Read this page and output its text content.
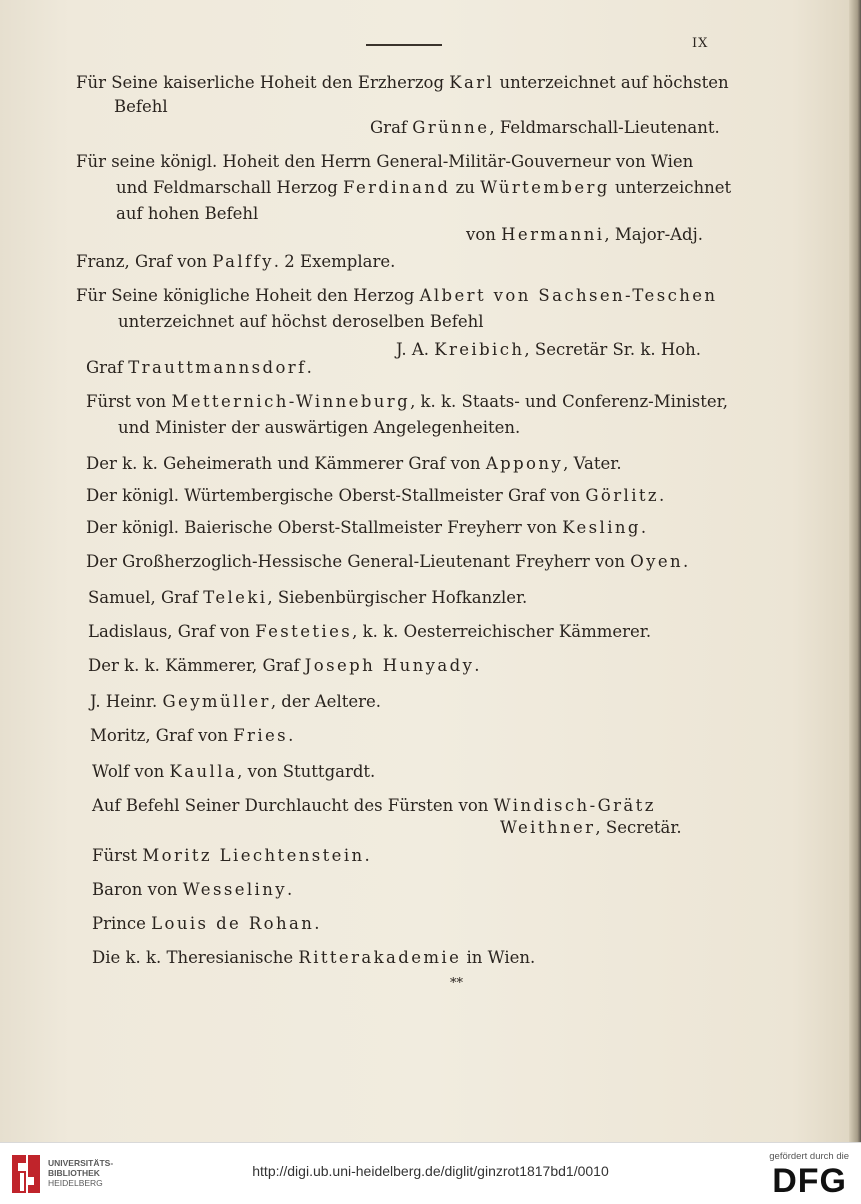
IX
Für Seine kaiserliche Hoheit den Erzherzog Karl unterzeichnet auf höchsten
Befehl
Graf Grünne, Feldmarschall-Lieutenant.
Für seine königl. Hoheit den Herrn General-Militär-Gouverneur von Wien
und Feldmarschall Herzog Ferdinand zu Würtemberg unterzeichnet
auf hohen Befehl
von Hermanni, Major-Adj.
Franz, Graf von Palffy. 2 Exemplare.
Für Seine königliche Hoheit den Herzog Albert von Sachsen-Teschen
unterzeichnet auf höchst deroselben Befehl
J. A. Kreibich, Secretär Sr. k. Hoh.
Graf Trauttmannsdorf.
Fürst von Metternich-Winneburg, k. k. Staats- und Conferenz-Minister,
und Minister der auswärtigen Angelegenheiten.
Der k. k. Geheimerath und Kämmerer Graf von Appony, Vater.
Der königl. Würtembergische Oberst-Stallmeister Graf von Görlitz.
Der königl. Baierische Oberst-Stallmeister Freyherr von Kesling.
Der Großherzoglich-Hessische General-Lieutenant Freyherr von Oyen.
Samuel, Graf Teleki, Siebenbürgischer Hofkanzler.
Ladislaus, Graf von Festeties, k. k. Oesterreichischer Kämmerer.
Der k. k. Kämmerer, Graf Joseph Hunyady.
J. Heinr. Geymüller, der Aeltere.
Moritz, Graf von Fries.
Wolf von Kaulla, von Stuttgardt.
Auf Befehl Seiner Durchlaucht des Fürsten von Windisch-Grätz
Weithner, Secretär.
Fürst Moritz Liechtenstein.
Baron von Wesseliny.
Prince Louis de Rohan.
Die k. k. Theresianische Ritterakademie in Wien.
**
UNIVERSITÄTS-
BIBLIOTHEK
HEIDELBERG
http://digi.ub.uni-heidelberg.de/diglit/ginzrot1817bd1/0010
gefördert durch die
DFG
